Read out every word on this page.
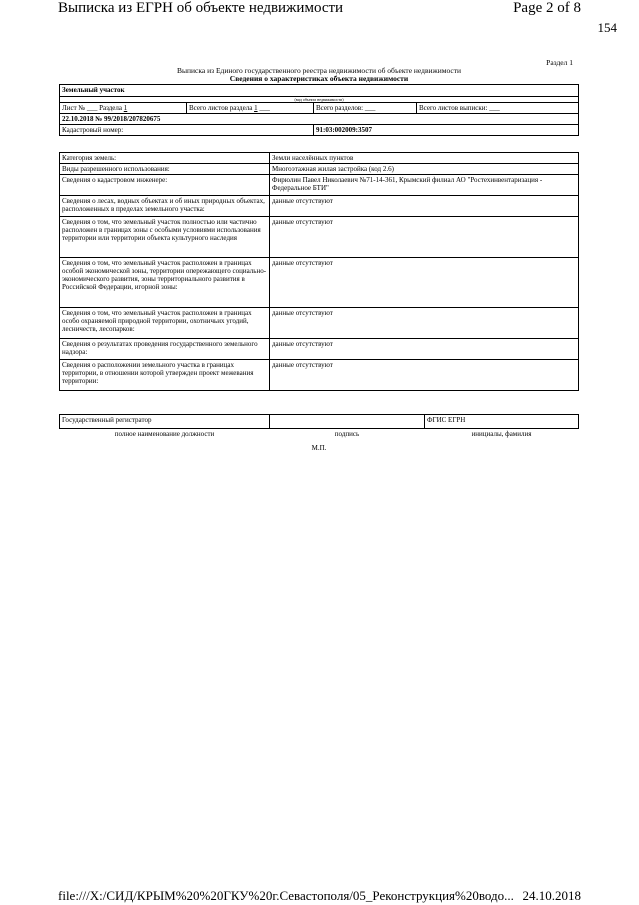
Выписка из ЕГРН об объекте недвижимости	Page 2 of 8
154
Раздел 1
Выписка из Единого государственного реестра недвижимости об объекте недвижимости
Сведения о характеристиках объекта недвижимости
Земельный участок			
(вид объекта недвижимости)			
Лист № ___ Раздела 1	Всего листов раздела 1 ___	Всего разделов: ___	Всего листов выписки: ___
22.10.2018 № 99/2018/207820675			
Кадастровый номер:		91:03:002009:3507	
Категория земель:	Земли населённых пунктов
Виды разрешенного использования:	Многоэтажная жилая застройка (код 2.6)
Сведения о кадастровом инженере:	Фирюлин Павел Николаевич №71-14-361, Крымский филиал АО "Ростехинвентаризация - Федеральное БТИ"
Сведения о лесах, водных объектах и об иных природных объектах, расположенных в пределах земельного участка:	данные отсутствуют
Сведения о том, что земельный участок полностью или частично расположен в границах зоны с особыми условиями использования территории или территории объекта культурного наследия	данные отсутствуют
Сведения о том, что земельный участок расположен в границах особой экономической зоны, территории опережающего социально-экономического развития, зоны территориального развития в Российской Федерации, игорной зоны:	данные отсутствуют
Сведения о том, что земельный участок расположен в границах особо охраняемой природной территории, охотничьих угодий, лесничеств, лесопарков:	данные отсутствуют
Сведения о результатах проведения государственного земельного надзора:	данные отсутствуют
Сведения о расположении земельного участка в границах территории, в отношении которой утвержден проект межевания территории:	данные отсутствуют
Государственный регистратор		ФГИС ЕГРН
полное наименование должности	подпись	инициалы, фамилия
М.П.
file:///X:/СИД/КРЫМ%20%20ГКУ%20г.Севастополя/05_Реконструкция%20водо... 24.10.2018
